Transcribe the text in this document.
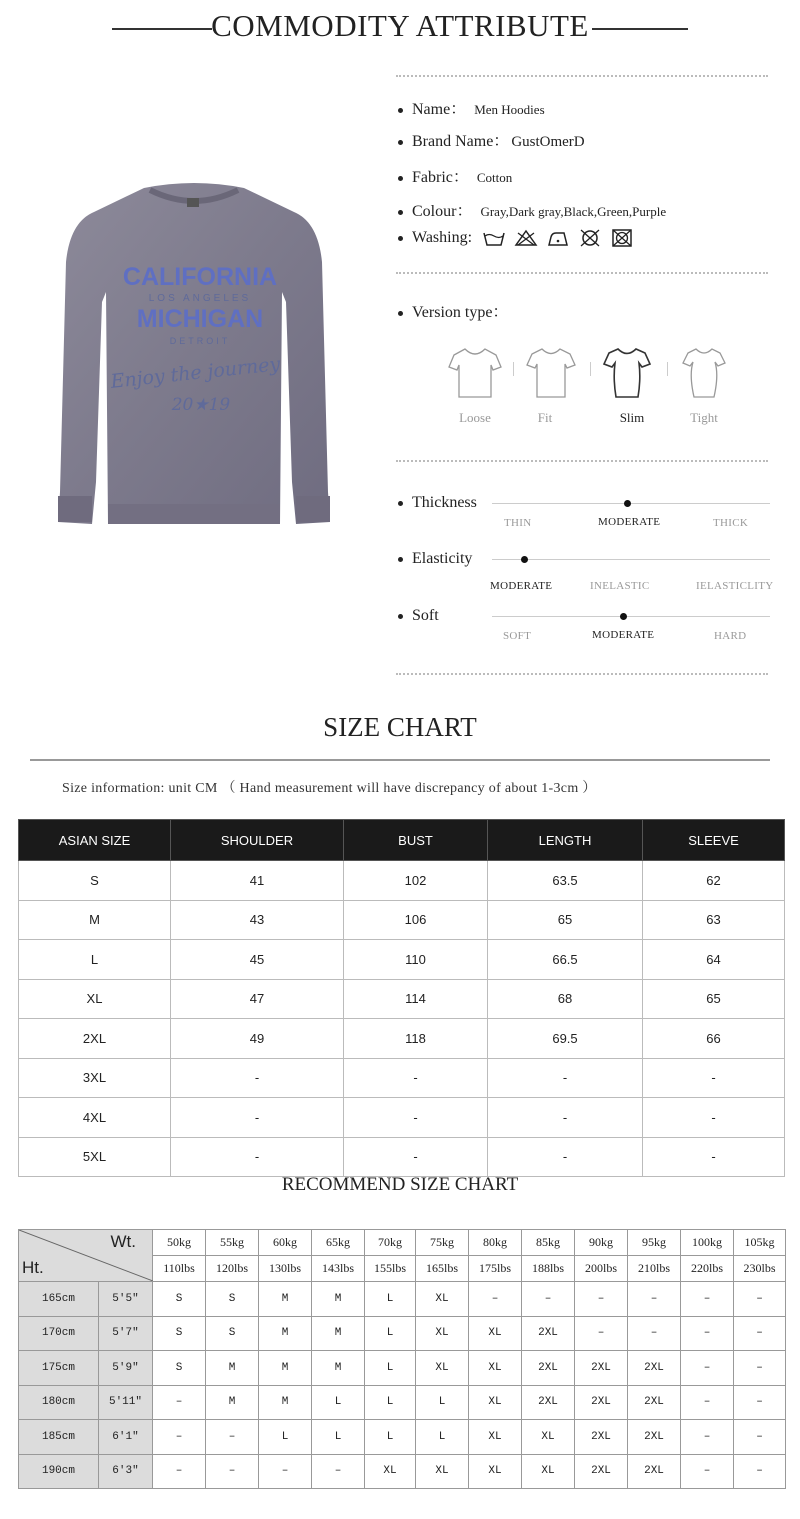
COMMODITY ATTRIBUTE
CALIFORNIA
LOS ANGELES
MICHIGAN
DETROIT
Enjoy the journey
20★19
Name： Men Hoodies
Brand Name： GustOmerD
Fabric： Cotton
Colour： Gray,Dark gray,Black,Green,Purple
Washing:
Version type：
Loose	Fit	Slim	Tight
Thickness
THIN	MODERATE	THICK
Elasticity
MODERATE	INELASTIC	IELASTICLITY
Soft
SOFT	MODERATE	HARD
SIZE CHART
Size information: unit CM （ Hand measurement will have discrepancy of about 1-3cm ）
ASIAN SIZE	SHOULDER	BUST	LENGTH	SLEEVE
S	41	102	63.5	62
M	43	106	65	63
L	45	110	66.5	64
XL	47	114	68	65
2XL	49	118	69.5	66
3XL	-	-	-	-
4XL	-	-	-	-
5XL	-	-	-	-
RECOMMEND SIZE CHART
Wt.
Ht.		50kg	55kg	60kg	65kg	70kg	75kg	80kg	85kg	90kg	95kg	100kg	105kg
		110lbs	120lbs	130lbs	143lbs	155lbs	165lbs	175lbs	188lbs	200lbs	210lbs	220lbs	230lbs
165cm	5′5″	S	S	M	M	L	XL	–	–	–	–	–	–
170cm	5′7″	S	S	M	M	L	XL	XL	2XL	–	–	–	–
175cm	5′9″	S	M	M	M	L	XL	XL	2XL	2XL	2XL	–	–
180cm	5′11″	–	M	M	L	L	L	XL	2XL	2XL	2XL	–	–
185cm	6′1″	–	–	L	L	L	L	XL	XL	2XL	2XL	–	–
190cm	6′3″	–	–	–	–	XL	XL	XL	XL	2XL	2XL	–	–
